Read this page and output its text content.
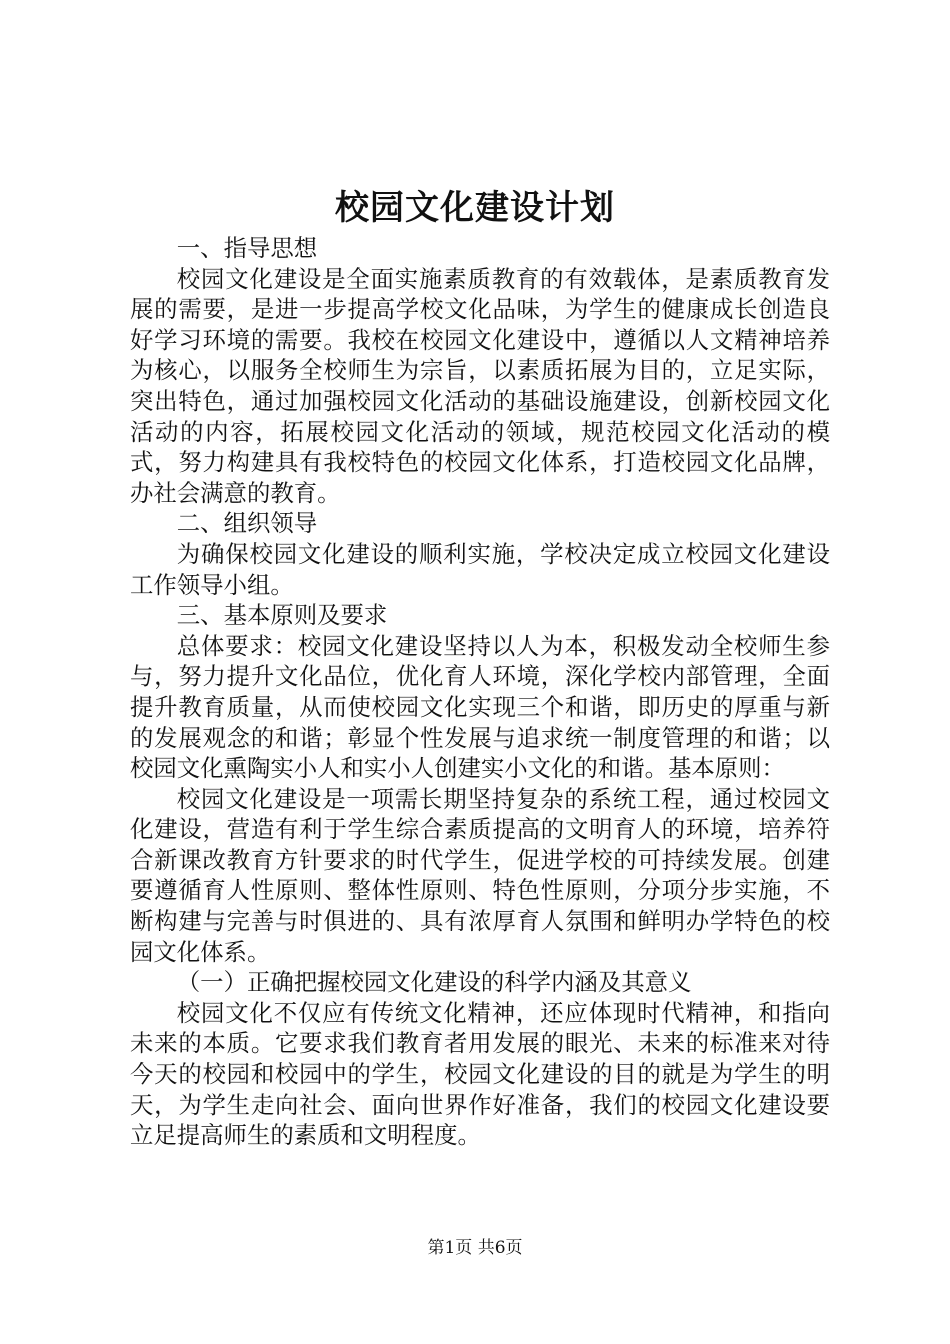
校园文化建设计划

一、指导思想

校园文化建设是全面实施素质教育的有效载体，是素质教育发展的需要，是进一步提高学校文化品味，为学生的健康成长创造良好学习环境的需要。我校在校园文化建设中，遵循以人文精神培养为核心，以服务全校师生为宗旨，以素质拓展为目的，立足实际，突出特色，通过加强校园文化活动的基础设施建设，创新校园文化活动的内容，拓展校园文化活动的领域，规范校园文化活动的模式，努力构建具有我校特色的校园文化体系，打造校园文化品牌，办社会满意的教育。

二、组织领导

为确保校园文化建设的顺利实施，学校决定成立校园文化建设工作领导小组。

三、基本原则及要求

总体要求：校园文化建设坚持以人为本，积极发动全校师生参与，努力提升文化品位，优化育人环境，深化学校内部管理，全面提升教育质量，从而使校园文化实现三个和谐，即历史的厚重与新的发展观念的和谐；彰显个性发展与追求统一制度管理的和谐；以校园文化熏陶实小人和实小人创建实小文化的和谐。基本原则：

校园文化建设是一项需长期坚持复杂的系统工程，通过校园文化建设，营造有利于学生综合素质提高的文明育人的环境，培养符合新课改教育方针要求的时代学生，促进学校的可持续发展。创建要遵循育人性原则、整体性原则、特色性原则，分项分步实施，不断构建与完善与时俱进的、具有浓厚育人氛围和鲜明办学特色的校园文化体系。

（一）正确把握校园文化建设的科学内涵及其意义

校园文化不仅应有传统文化精神，还应体现时代精神，和指向未来的本质。它要求我们教育者用发展的眼光、未来的标准来对待今天的校园和校园中的学生，校园文化建设的目的就是为学生的明天，为学生走向社会、面向世界作好准备，我们的校园文化建设要立足提高师生的素质和文明程度。

第1页 共6页
